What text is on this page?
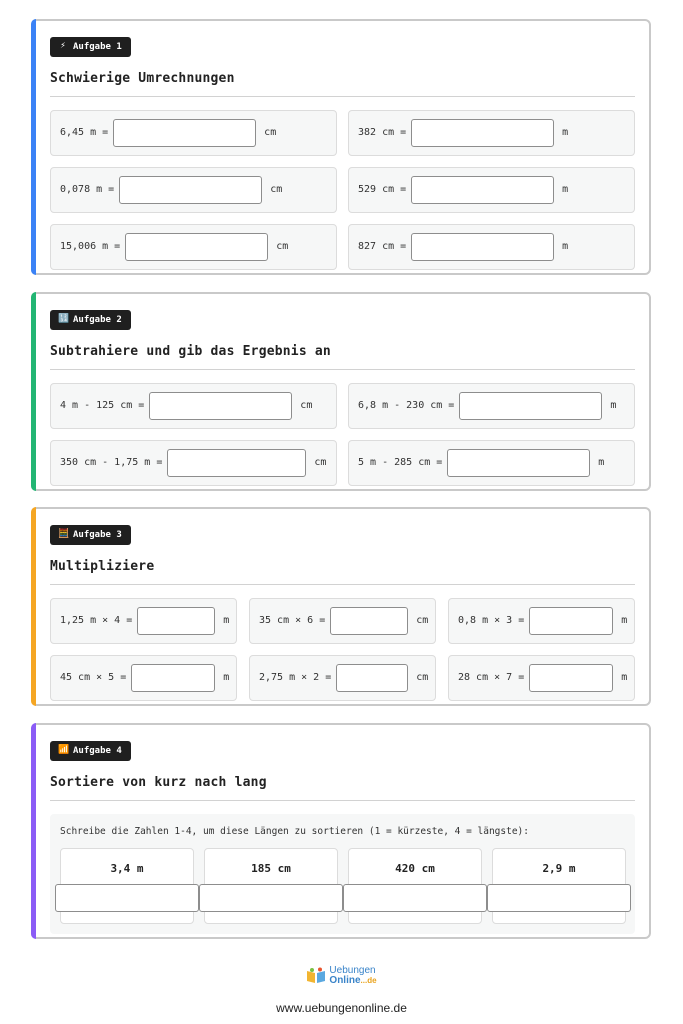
⚡ Aufgabe 1
Schwierige Umrechnungen
6,45 m =	cm	382 cm =	m
0,078 m =	cm	529 cm =	m
15,006 m =	cm	827 cm =	m
🔢 Aufgabe 2
Subtrahiere und gib das Ergebnis an
4 m - 125 cm =	cm	6,8 m - 230 cm =	m
350 cm - 1,75 m =	cm	5 m - 285 cm =	m
🧮 Aufgabe 3
Multipliziere
1,25 m × 4 =	m	35 cm × 6 =	cm	0,8 m × 3 =	m
45 cm × 5 =	m	2,75 m × 2 =	cm	28 cm × 7 =	m
📶 Aufgabe 4
Sortiere von kurz nach lang

Schreibe die Zahlen 1-4, um diese Längen zu sortieren (1 = kürzeste, 4 = längste):

3,4 m	185 cm	420 cm	2,9 m
Uebungen
Online...de
www.uebungenonline.de
